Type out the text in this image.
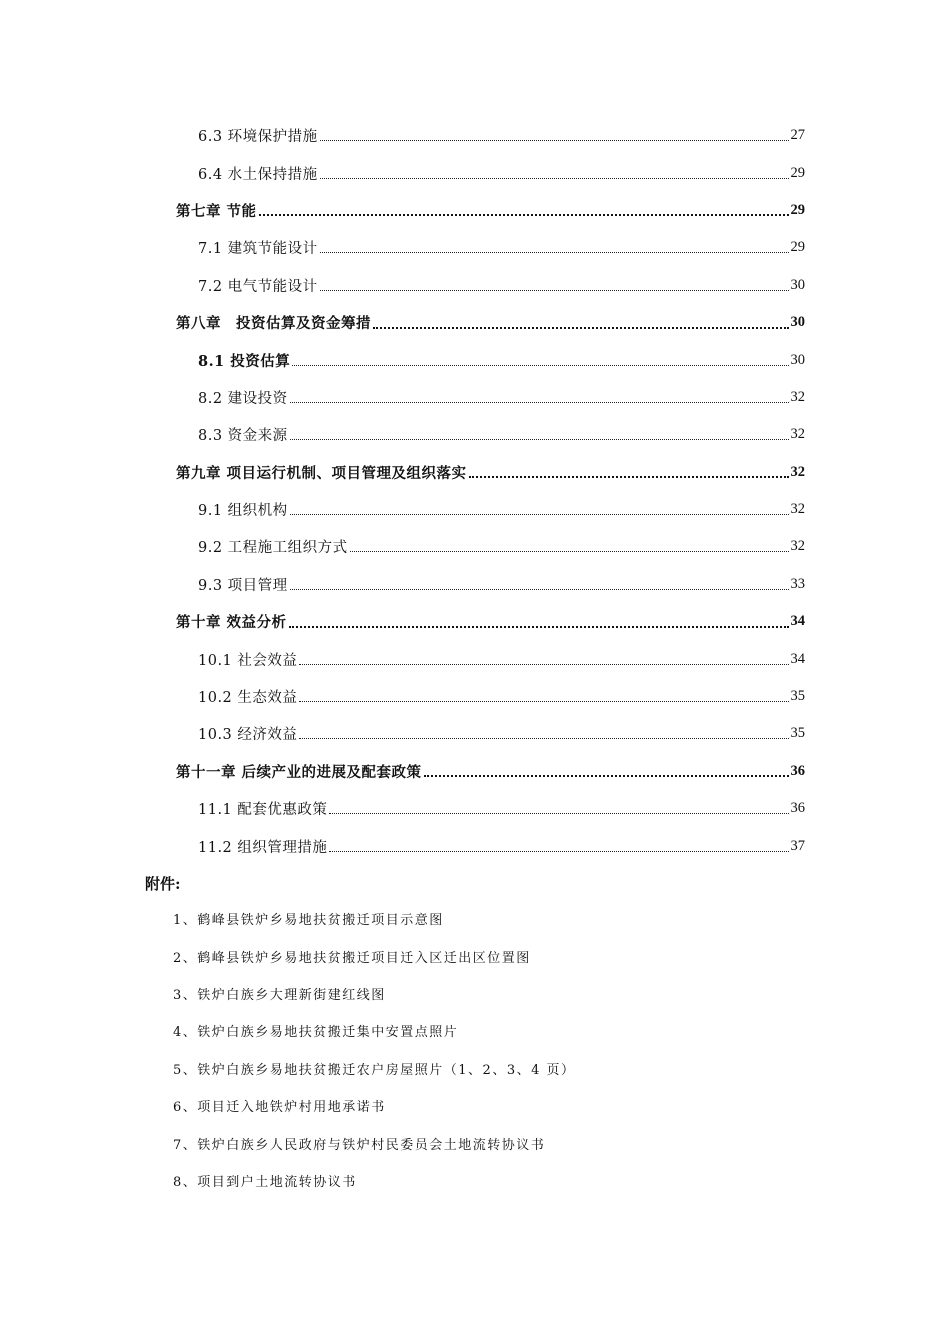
6.3 环境保护措施	27
6.4 水土保持措施	29
第七章 节能	29
7.1 建筑节能设计	29
7.2 电气节能设计	30
第八章　投资估算及资金筹措	30
8.1 投资估算	30
8.2 建设投资	32
8.3 资金来源	32
第九章 项目运行机制、项目管理及组织落实	32
9.1 组织机构	32
9.2 工程施工组织方式	32
9.3 项目管理	33
第十章 效益分析	34
10.1 社会效益	34
10.2 生态效益	35
10.3 经济效益	35
第十一章 后续产业的进展及配套政策	36
11.1 配套优惠政策	36
11.2 组织管理措施	37
附件:
1、鹤峰县铁炉乡易地扶贫搬迁项目示意图
2、鹤峰县铁炉乡易地扶贫搬迁项目迁入区迁出区位置图
3、铁炉白族乡大理新街建红线图
4、铁炉白族乡易地扶贫搬迁集中安置点照片
5、铁炉白族乡易地扶贫搬迁农户房屋照片（1、2、3、4 页）
6、项目迁入地铁炉村用地承诺书
7、铁炉白族乡人民政府与铁炉村民委员会土地流转协议书
8、项目到户土地流转协议书
